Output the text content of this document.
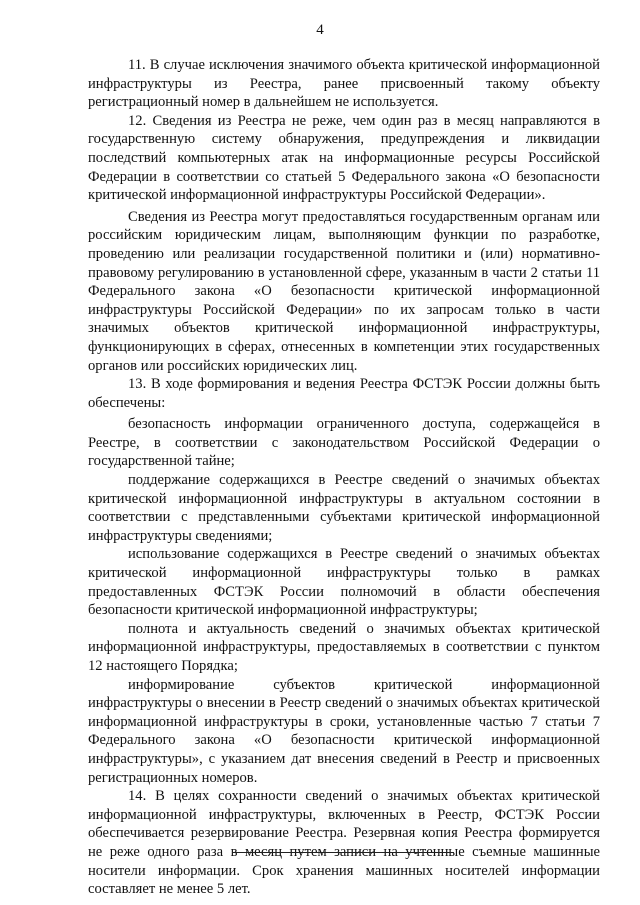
4

11. В случае исключения значимого объекта критической информационной инфраструктуры из Реестра, ранее присвоенный такому объекту регистрационный номер в дальнейшем не используется.

12. Сведения из Реестра не реже, чем один раз в месяц направляются в государственную систему обнаружения, предупреждения и ликвидации последствий компьютерных атак на информационные ресурсы Российской Федерации в соответствии со статьей 5 Федерального закона «О безопасности критической информационной инфраструктуры Российской Федерации».

Сведения из Реестра могут предоставляться государственным органам или российским юридическим лицам, выполняющим функции по разработке, проведению или реализации государственной политики и (или) нормативно-правовому регулированию в установленной сфере, указанным в части 2 статьи 11 Федерального закона «О безопасности критической информационной инфраструктуры Российской Федерации» по их запросам только в части значимых объектов критической информационной инфраструктуры, функционирующих в сферах, отнесенных в компетенции этих государственных органов или российских юридических лиц.

13. В ходе формирования и ведения Реестра ФСТЭК России должны быть обеспечены:

безопасность информации ограниченного доступа, содержащейся в Реестре, в соответствии с законодательством Российской Федерации о государственной тайне;

поддержание содержащихся в Реестре сведений о значимых объектах критической информационной инфраструктуры в актуальном состоянии в соответствии с представленными субъектами критической информационной инфраструктуры сведениями;

использование содержащихся в Реестре сведений о значимых объектах критической информационной инфраструктуры только в рамках предоставленных ФСТЭК России полномочий в области обеспечения безопасности критической информационной инфраструктуры;

полнота и актуальность сведений о значимых объектах критической информационной инфраструктуры, предоставляемых в соответствии с пунктом 12 настоящего Порядка;

информирование субъектов критической информационной инфраструктуры о внесении в Реестр сведений о значимых объектах критической информационной инфраструктуры в сроки, установленные частью 7 статьи 7 Федерального закона «О безопасности критической информационной инфраструктуры», с указанием дат внесения сведений в Реестр и присвоенных регистрационных номеров.

14. В целях сохранности сведений о значимых объектах критической информационной инфраструктуры, включенных в Реестр, ФСТЭК России обеспечивается резервирование Реестра. Резервная копия Реестра формируется не реже одного раза в месяц путем записи на учтенные съемные машинные носители информации. Срок хранения машинных носителей информации составляет не менее 5 лет.
